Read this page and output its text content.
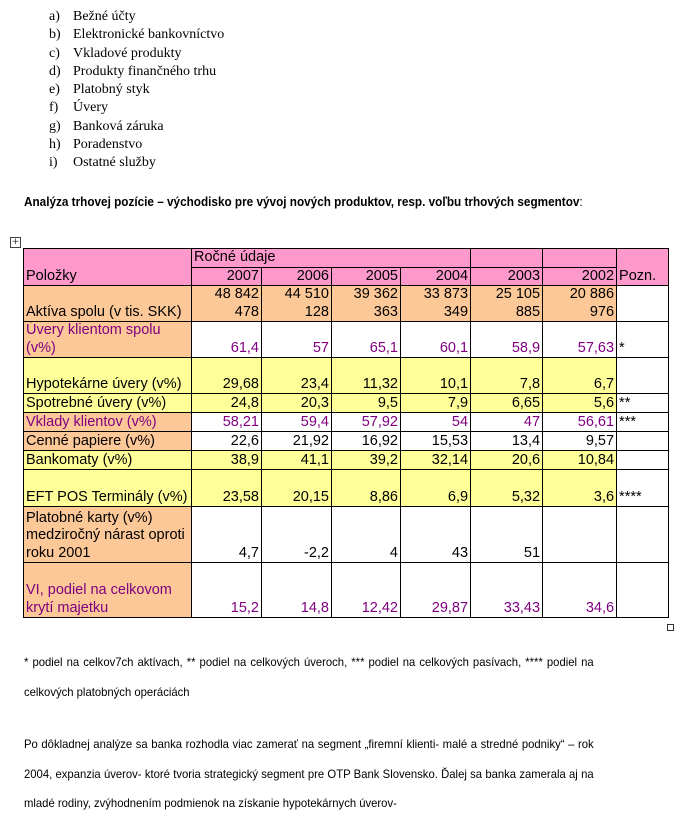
a) Bežné účty
b) Elektronické bankovníctvo
c) Vkladové produkty
d) Produkty finančného trhu
e) Platobný styk
f)	Úvery
g) Banková záruka
h) Poradenstvo
i)	Ostatné služby
Analýza trhovej pozície – východisko pre vývoj nových produktov, resp. voľbu trhových segmentov:
+
Položky	Ročné údaje						Pozn.
	2007	2006	2005	2004	2003	2002	
Aktíva spolu (v tis. SKK)	48 842 478	44 510 128	39 362 363	33 873 349	25 105 885	20 886 976	
Úvery klientom spolu (v%)	61,4	57	65,1	60,1	58,9	57,63	*
Hypotekárne úvery (v%)	29,68	23,4	11,32	10,1	7,8	6,7	
Spotrebné úvery (v%)	24,8	20,3	9,5	7,9	6,65	5,6	**
Vklady klientov (v%)	58,21	59,4	57,92	54	47	56,61	***
Cenné papiere (v%)	22,6	21,92	16,92	15,53	13,4	9,57	
Bankomaty (v%)	38,9	41,1	39,2	32,14	20,6	10,84	
EFT POS Terminály (v%)	23,58	20,15	8,86	6,9	5,32	3,6	****
Platobné karty (v%) medziročný nárast oproti roku 2001	4,7	-2,2	4	43	51		
VI, podiel na celkovom krytí majetku	15,2	14,8	12,42	29,87	33,43	34,6	
* podiel na celkov7ch aktívach, ** podiel na celkových úveroch, *** podiel na celkových pasívach, **** podiel na celkových platobných operáciách
Po dôkladnej analýze sa banka rozhodla viac zamerať na segment „firemní klienti- malé a stredné podniky“ – rok 2004, expanzia úverov- ktoré tvoria strategický segment pre OTP Bank Slovensko. Ďalej sa banka zamerala aj na mladé rodiny, zvýhodnením podmienok na získanie hypotekárnych úverov-
